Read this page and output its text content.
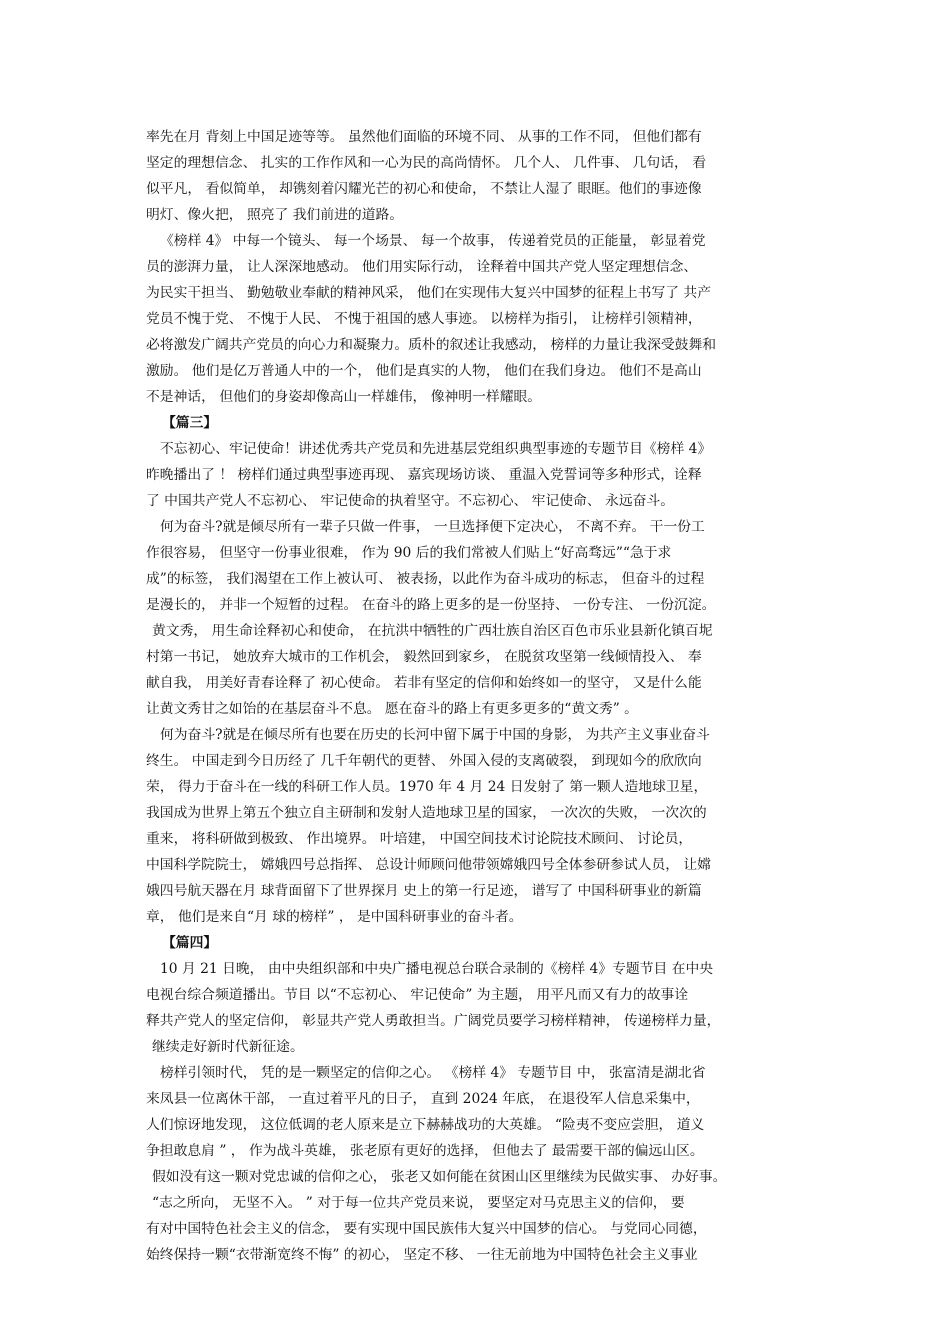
率先在月 背刻上中国足迹等等。 虽然他们面临的环境不同、 从事的工作不同， 但他们都有
坚定的理想信念、 扎实的工作作风和一心为民的高尚情怀。 几个人、 几件事、 几句话， 看
似平凡， 看似简单， 却镌刻着闪耀光芒的初心和使命， 不禁让人湿了 眼眶。他们的事迹像
明灯、像火把， 照亮了 我们前进的道路。
《榜样 4》 中每一个镜头、 每一个场景、 每一个故事， 传递着党员的正能量， 彰显着党
员的澎湃力量， 让人深深地感动。 他们用实际行动， 诠释着中国共产党人坚定理想信念、
为民实干担当、 勤勉敬业奉献的精神风采， 他们在实现伟大复兴中国梦的征程上书写了 共产
党员不愧于党、 不愧于人民、 不愧于祖国的感人事迹。 以榜样为指引， 让榜样引领精神，
必将激发广阔共产党员的向心力和凝聚力。质朴的叙述让我感动， 榜样的力量让我深受鼓舞和
激励。 他们是亿万普通人中的一个， 他们是真实的人物， 他们在我们身边。 他们不是高山
不是神话， 但他们的身姿却像高山一样雄伟， 像神明一样耀眼。
【篇三】
不忘初心、牢记使命！讲述优秀共产党员和先进基层党组织典型事迹的专题节目《榜样 4》
昨晚播出了 ！ 榜样们通过典型事迹再现、 嘉宾现场访谈、 重温入党誓词等多种形式，诠释
了 中国共产党人不忘初心、 牢记使命的执着坚守。不忘初心、 牢记使命、 永远奋斗。
何为奋斗?就是倾尽所有一辈子只做一件事， 一旦选择便下定决心， 不离不弃。 干一份工
作很容易， 但坚守一份事业很难， 作为 90 后的我们常被人们贴上“好高骛远”“急于求
成”的标签， 我们渴望在工作上被认可、 被表扬，以此作为奋斗成功的标志， 但奋斗的过程
是漫长的， 并非一个短暂的过程。 在奋斗的路上更多的是一份坚持、 一份专注、 一份沉淀。
黄文秀， 用生命诠释初心和使命， 在抗洪中牺牲的广西壮族自治区百色市乐业县新化镇百坭
村第一书记， 她放弃大城市的工作机会， 毅然回到家乡， 在脱贫攻坚第一线倾情投入、 奉
献自我， 用美好青春诠释了 初心使命。 若非有坚定的信仰和始终如一的坚守， 又是什么能
让黄文秀甘之如饴的在基层奋斗不息。 愿在奋斗的路上有更多更多的“黄文秀” 。
何为奋斗?就是在倾尽所有也要在历史的长河中留下属于中国的身影， 为共产主义事业奋斗
终生。 中国走到今日历经了 几千年朝代的更替、 外国入侵的支离破裂， 到现如今的欣欣向
荣， 得力于奋斗在一线的科研工作人员。1970 年 4 月 24 日发射了 第一颗人造地球卫星，
我国成为世界上第五个独立自主研制和发射人造地球卫星的国家， 一次次的失败， 一次次的
重来， 将科研做到极致、 作出境界。 叶培建， 中国空间技术讨论院技术顾问、 讨论员，
中国科学院院士， 嫦娥四号总指挥、 总设计师顾问他带领嫦娥四号全体参研参试人员， 让嫦
娥四号航天器在月 球背面留下了世界探月 史上的第一行足迹， 谱写了 中国科研事业的新篇
章， 他们是来自“月 球的榜样” ， 是中国科研事业的奋斗者。
【篇四】
10 月 21 日晚， 由中央组织部和中央广播电视总台联合录制的《榜样 4》专题节目 在中央
电视台综合频道播出。节目 以“不忘初心、 牢记使命” 为主题， 用平凡而又有力的故事诠
释共产党人的坚定信仰， 彰显共产党人勇敢担当。广阔党员要学习榜样精神， 传递榜样力量，
继续走好新时代新征途。
榜样引领时代， 凭的是一颗坚定的信仰之心。 《榜样 4》 专题节目 中， 张富清是湖北省
来凤县一位离休干部， 一直过着平凡的日子， 直到 2024 年底， 在退役军人信息采集中，
人们惊讶地发现， 这位低调的老人原来是立下赫赫战功的大英雄。 “险夷不变应尝胆， 道义
争担敢息肩 ” ， 作为战斗英雄， 张老原有更好的选择， 但他去了 最需要干部的偏远山区。
假如没有这一颗对党忠诚的信仰之心， 张老又如何能在贫困山区里继续为民做实事、 办好事。
“志之所向， 无坚不入。 ” 对于每一位共产党员来说， 要坚定对马克思主义的信仰， 要
有对中国特色社会主义的信念， 要有实现中国民族伟大复兴中国梦的信心。 与党同心同德，
始终保持一颗“衣带渐宽终不悔” 的初心， 坚定不移、 一往无前地为中国特色社会主义事业
